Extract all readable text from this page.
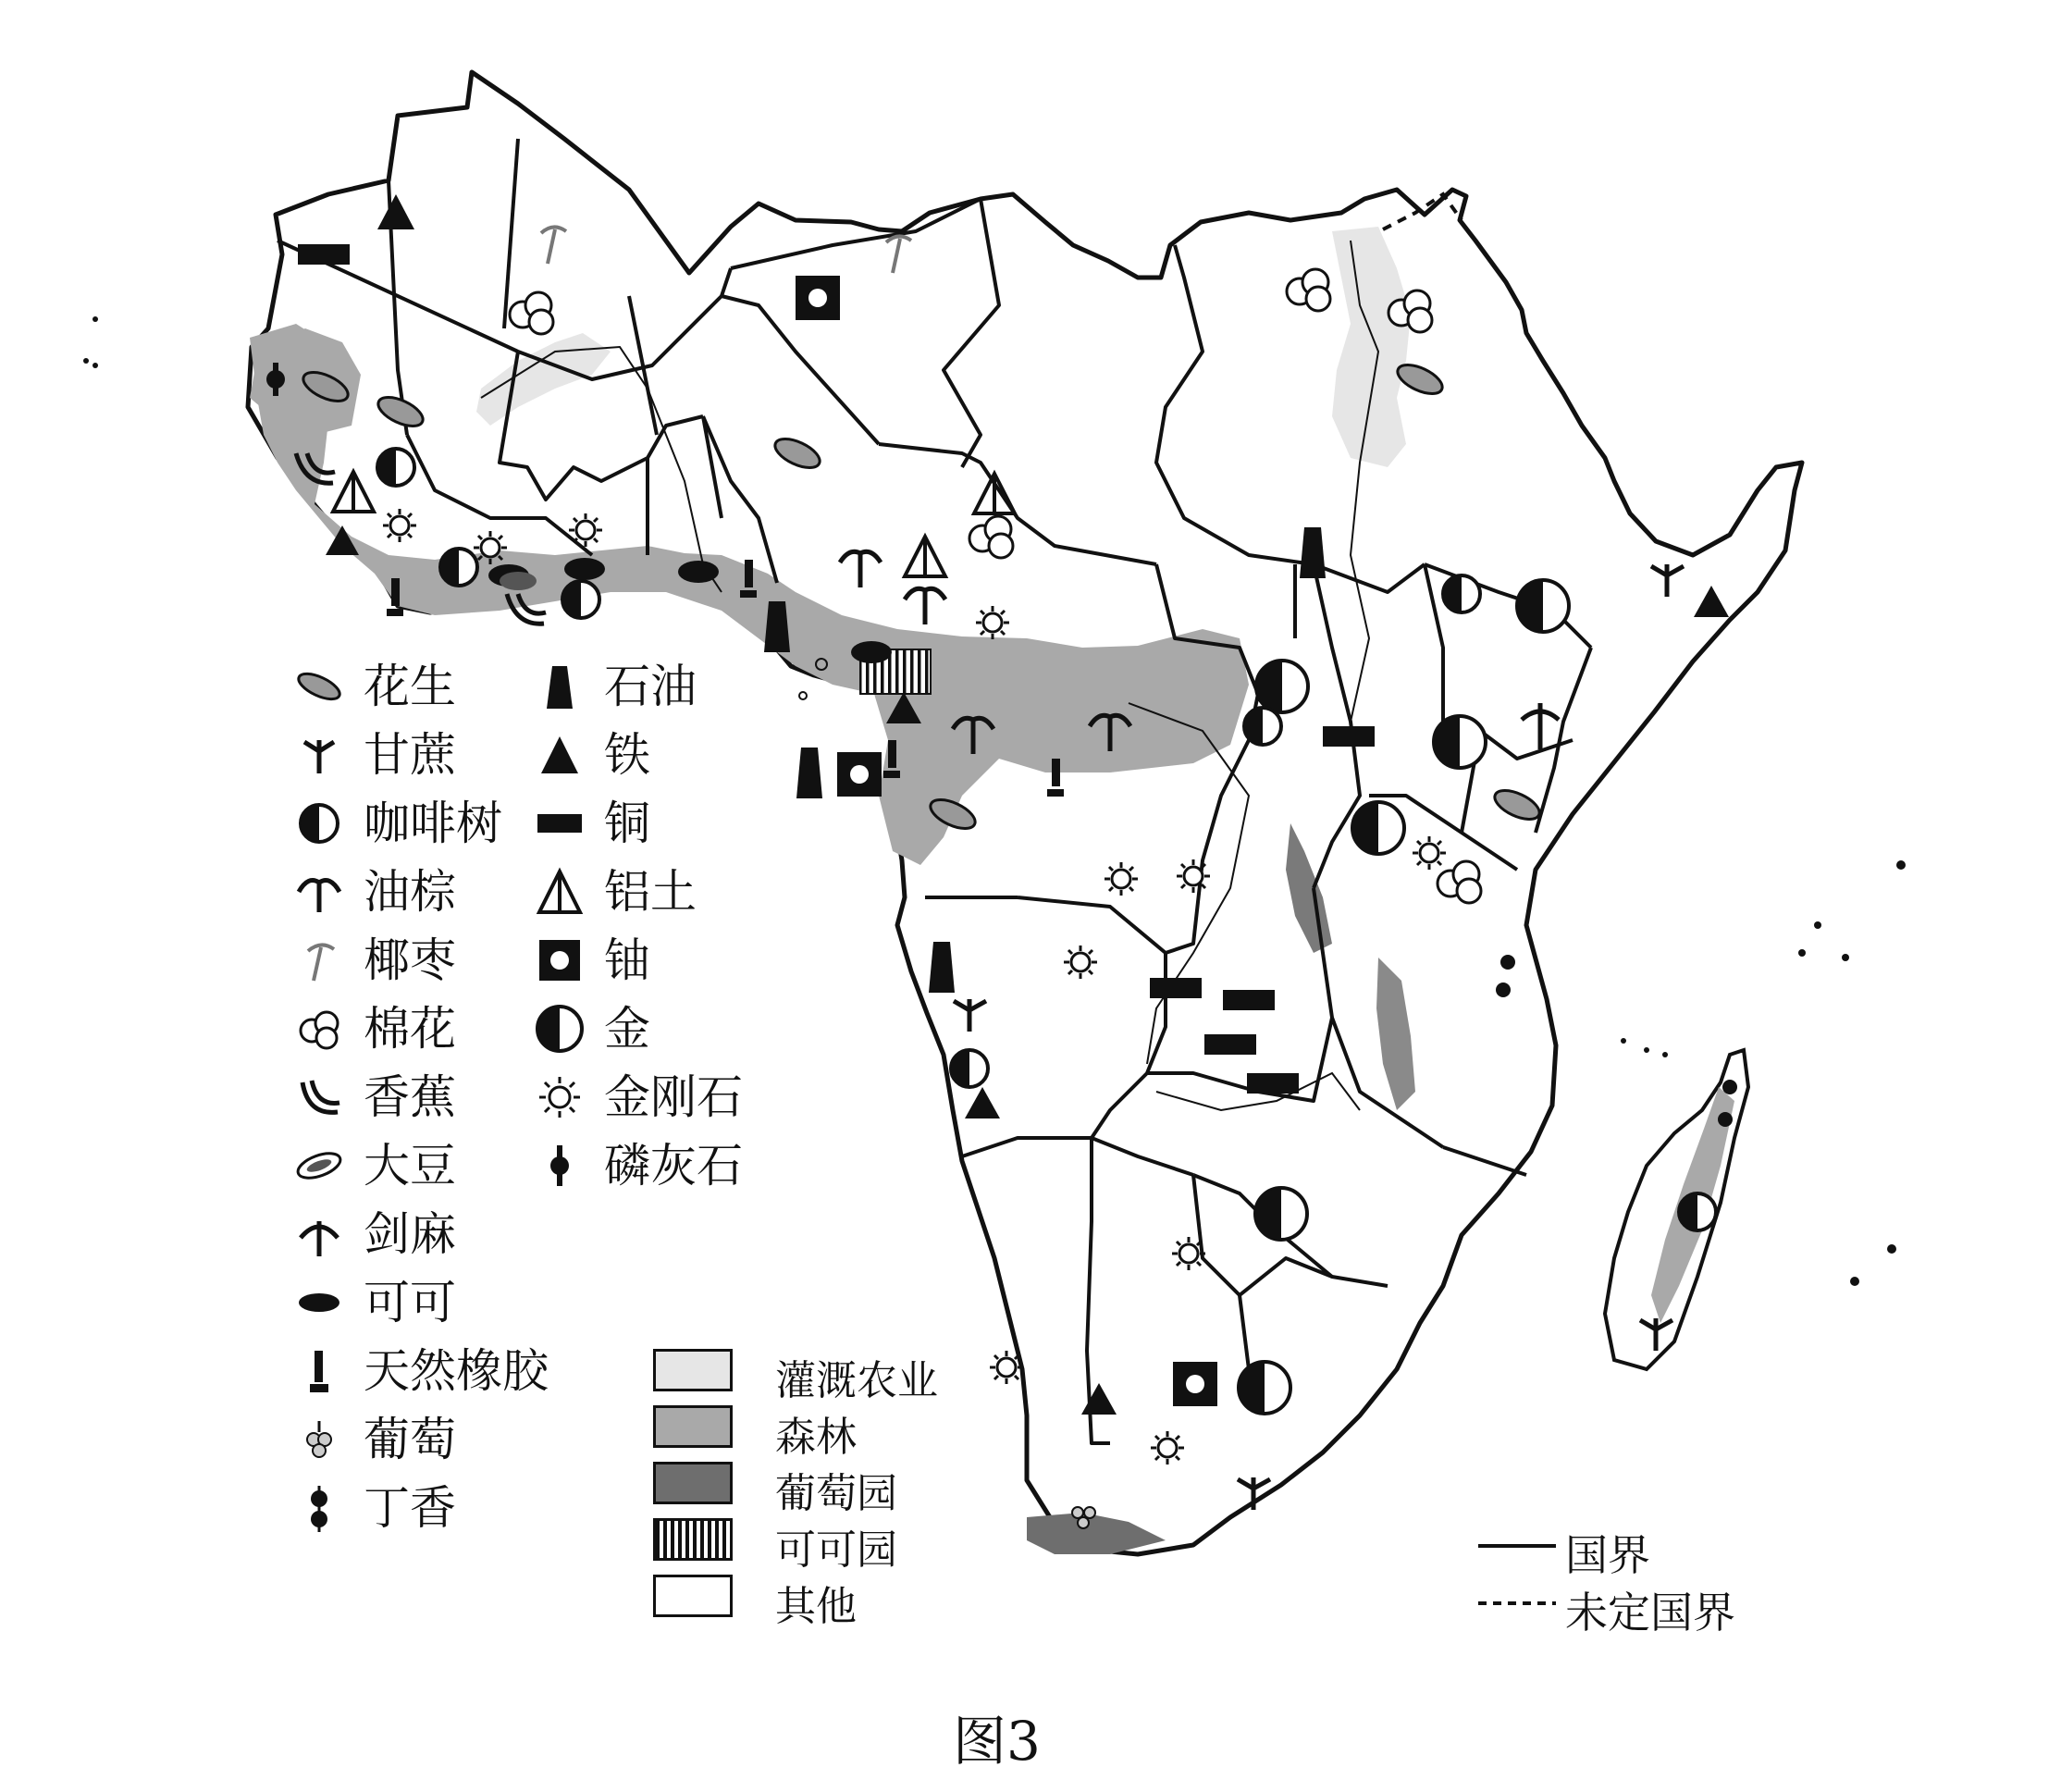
花生
甘蔗
咖啡树
油棕
椰枣
棉花
香蕉
大豆
剑麻
可可
天然橡胶
葡萄
丁香
石油
铁
铜
铝土
铀
金
金刚石
磷灰石
灌溉农业
森林
葡萄园
可可园
其他
国界
未定国界
图3
